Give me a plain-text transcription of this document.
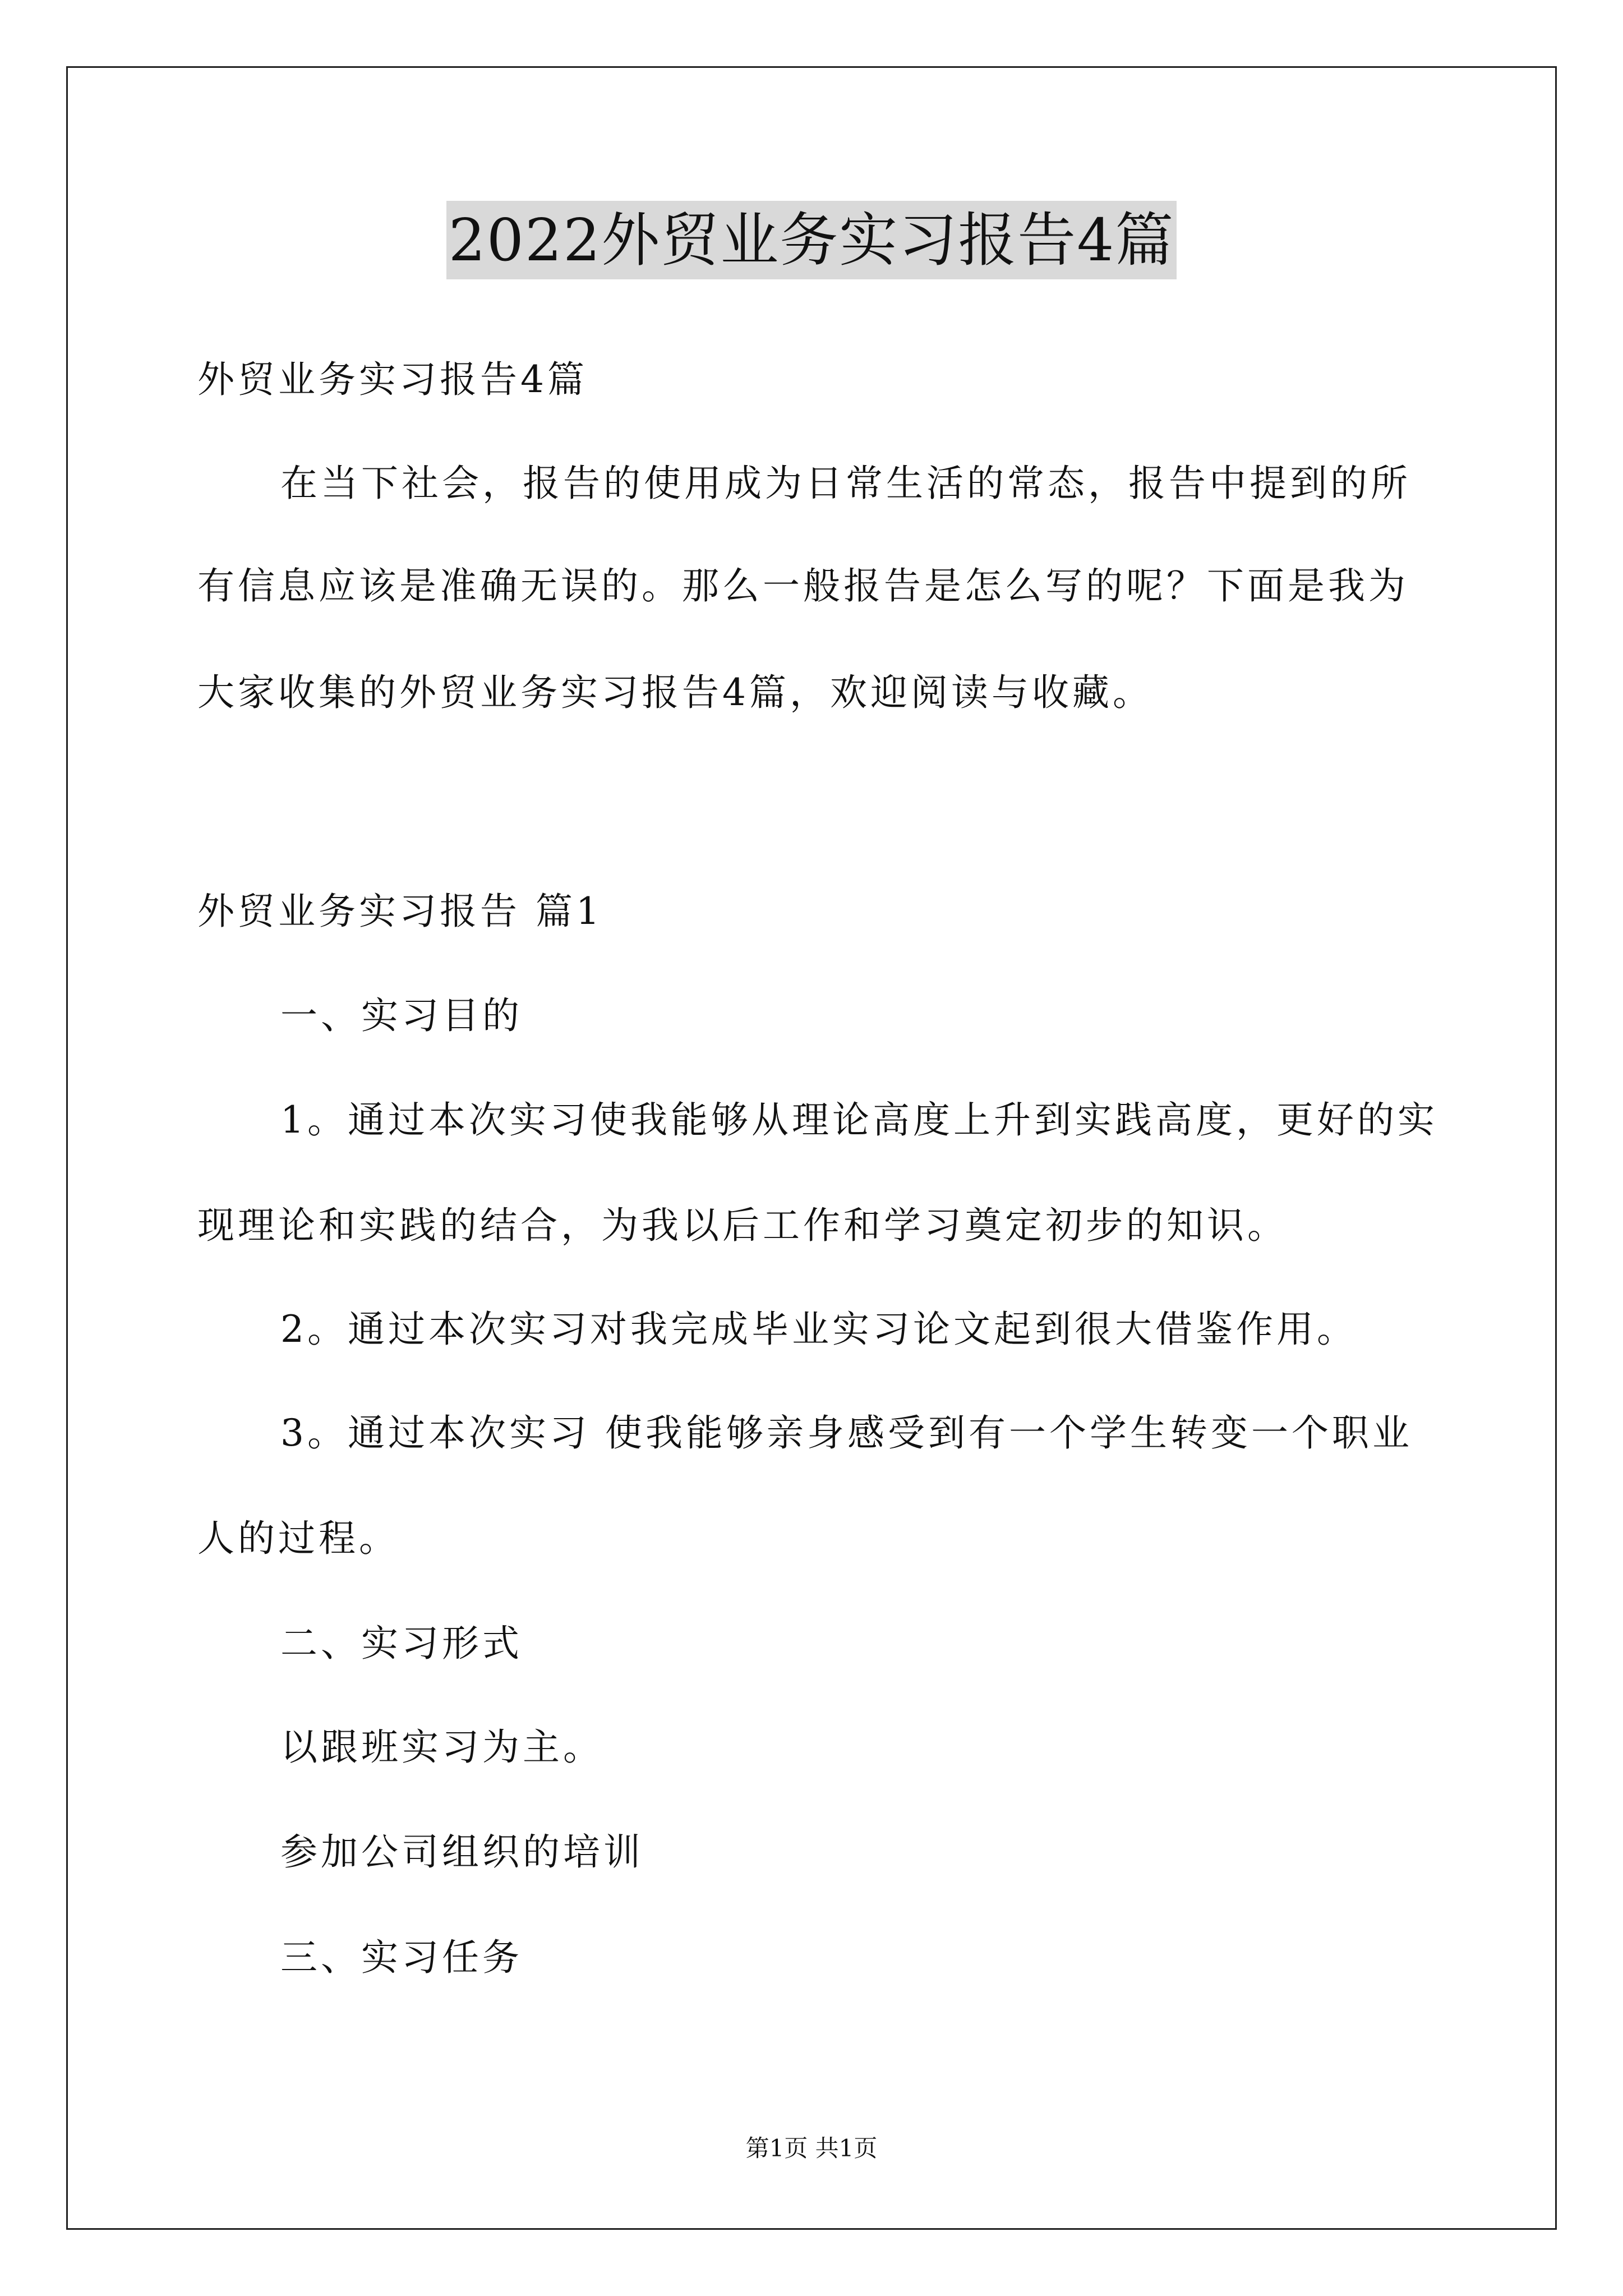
2022外贸业务实习报告4篇
外贸业务实习报告4篇
在当下社会，报告的使用成为日常生活的常态，报告中提到的所
有信息应该是准确无误的。那么一般报告是怎么写的呢？下面是我为
大家收集的外贸业务实习报告4篇，欢迎阅读与收藏。
外贸业务实习报告 篇1
一、实习目的
1。通过本次实习使我能够从理论高度上升到实践高度，更好的实
现理论和实践的结合，为我以后工作和学习奠定初步的知识。
2。通过本次实习对我完成毕业实习论文起到很大借鉴作用。
3。通过本次实习 使我能够亲身感受到有一个学生转变一个职业
人的过程。
二、实习形式
以跟班实习为主。
参加公司组织的培训
三、实习任务
第1页 共1页
